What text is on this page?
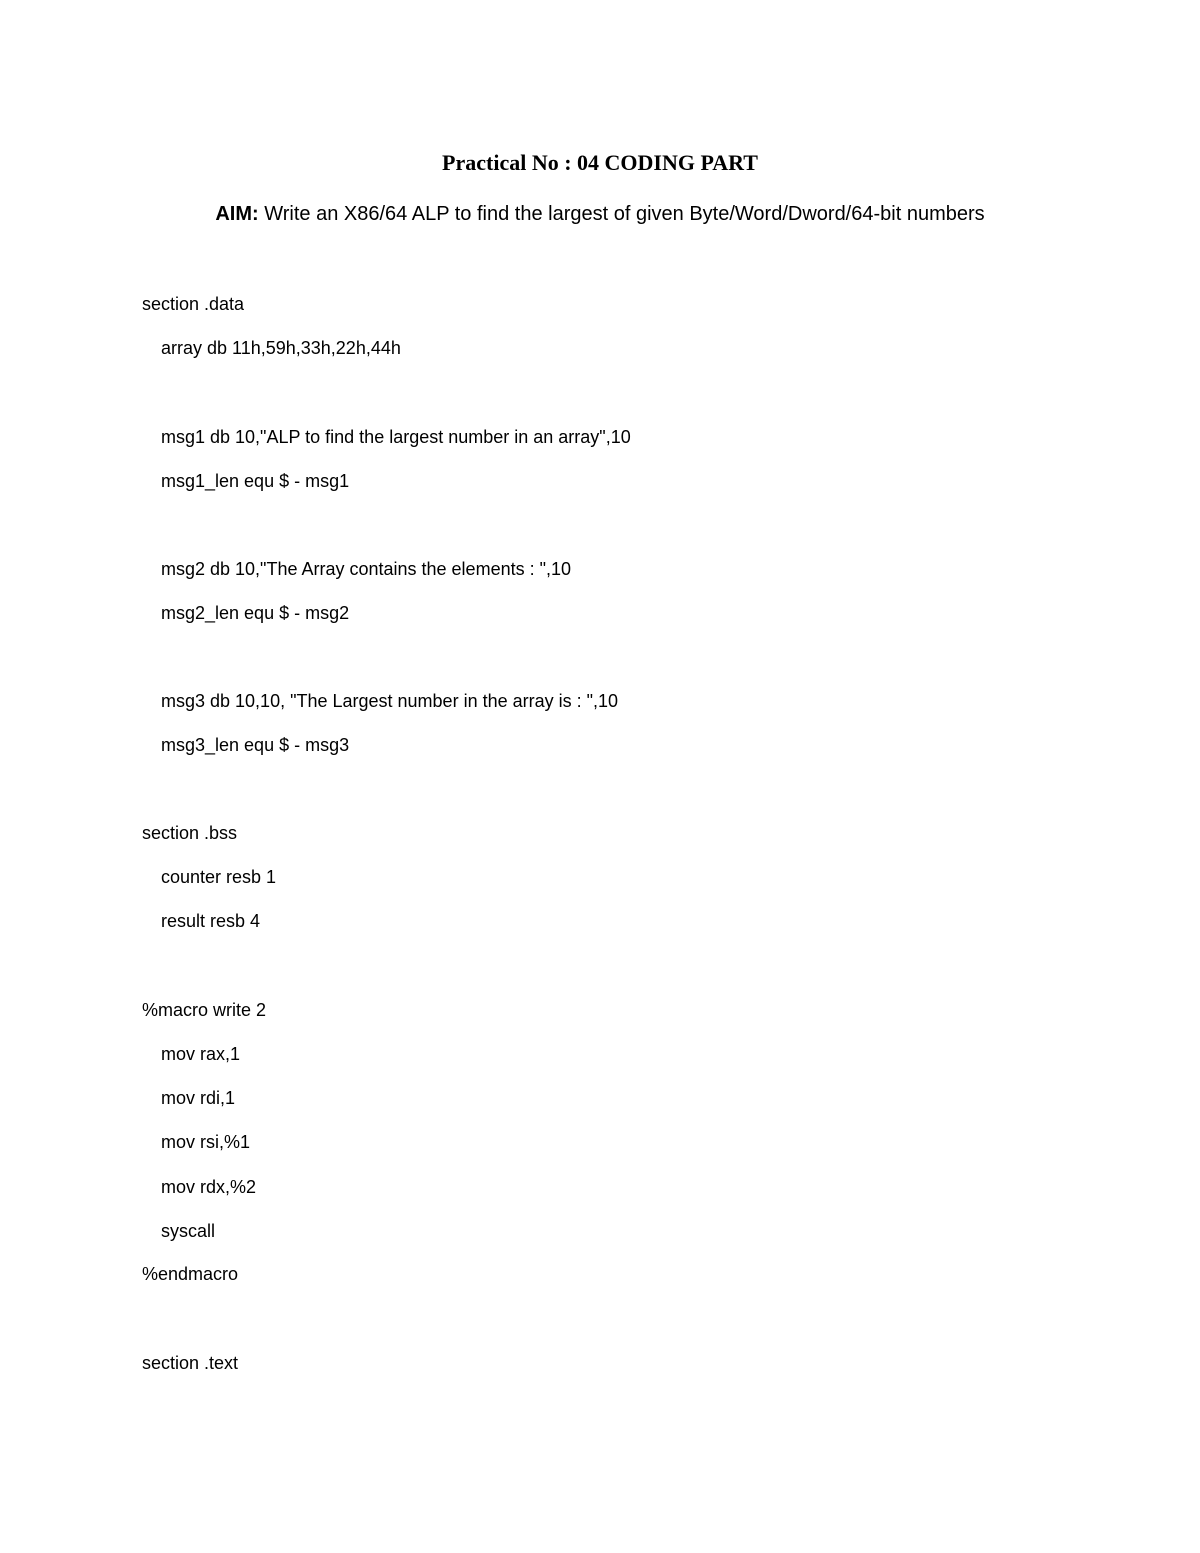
Practical No : 04 CODING PART
AIM: Write an X86/64 ALP to find the largest of given Byte/Word/Dword/64-bit numbers
section .data
array db 11h,59h,33h,22h,44h
msg1 db 10,"ALP to find the largest number in an array",10
msg1_len equ $ - msg1
msg2 db 10,"The Array contains the elements : ",10
msg2_len equ $ - msg2
msg3 db 10,10, "The Largest number in the array is : ",10
msg3_len equ $ - msg3
section .bss
counter resb 1
result resb 4
%macro write 2
mov rax,1
mov rdi,1
mov rsi,%1
mov rdx,%2
syscall
%endmacro
section .text
